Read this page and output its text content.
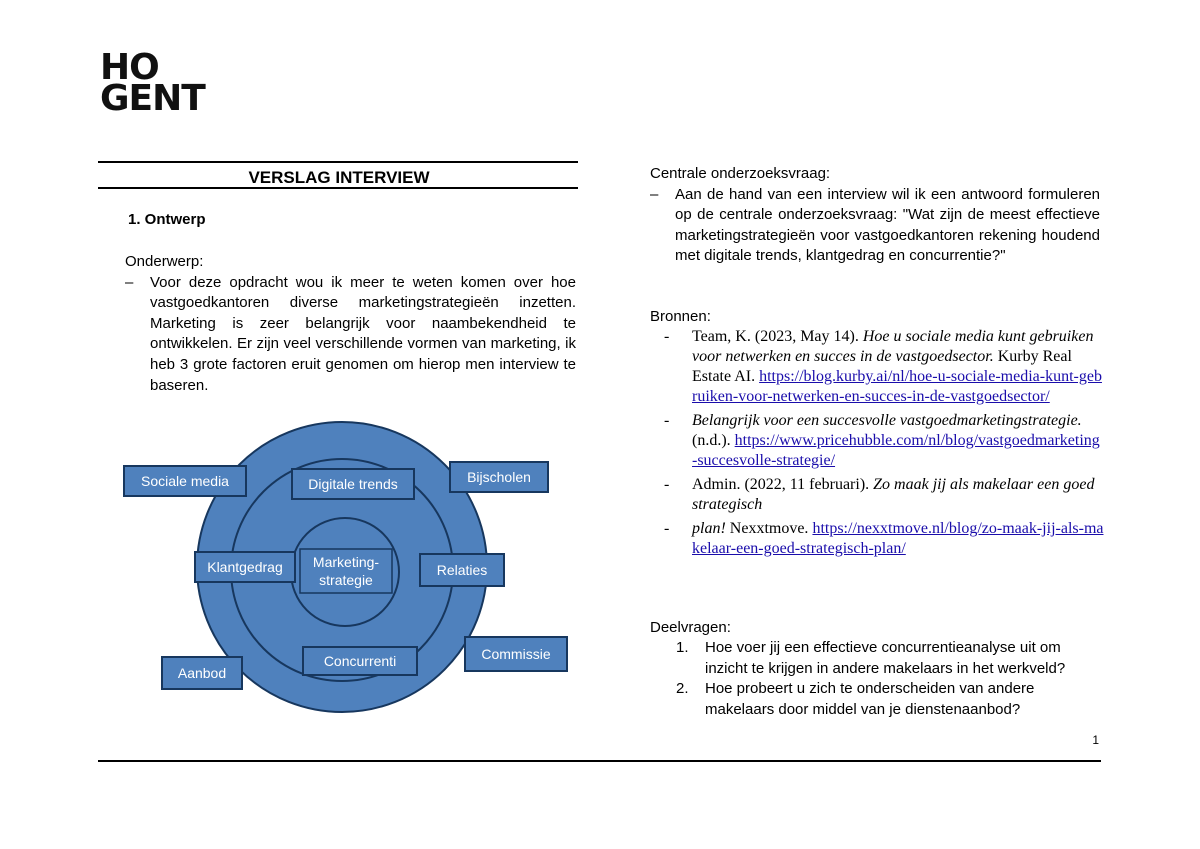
HO
GENT
VERSLAG INTERVIEW
1. Ontwerp
Onderwerp:
– Voor deze opdracht wou ik meer te weten komen over hoe vastgoedkantoren diverse marketingstrategieën inzetten. Marketing is zeer belangrijk voor naambekendheid te ontwikkelen. Er zijn veel verschillende vormen van marketing, ik heb 3 grote factoren eruit genomen om hierop men interview te baseren.
Marketing-
strategie
Sociale media	Digitale trends	Bijscholen
Klantgedrag	Relaties
Aanbod
Concurrenti	Commissie
Centrale onderzoeksvraag:
– Aan de hand van een interview wil ik een antwoord formuleren op de centrale onderzoeksvraag: "Wat zijn de meest effectieve marketingstrategieën voor vastgoedkantoren rekening houdend met digitale trends, klantgedrag en concurrentie?"
Bronnen:
- Team, K. (2023, May 14). Hoe u sociale media kunt gebruiken voor netwerken en succes in de vastgoedsector. Kurby Real Estate AI. https://blog.kurby.ai/nl/hoe-u-sociale-media-kunt-gebruiken-voor-netwerken-en-succes-in-de-vastgoedsector/
- Belangrijk voor een succesvolle vastgoedmarketingstrategie.
(n.d.). https://www.pricehubble.com/nl/blog/vastgoedmarketing-succesvolle-strategie/
- Admin. (2022, 11 februari). Zo maak jij als makelaar een goed strategisch
- plan! Nexxtmove. https://nexxtmove.nl/blog/zo-maak-jij-als-makelaar-een-goed-strategisch-plan/
Deelvragen:
1. Hoe voer jij een effectieve concurrentieanalyse uit om inzicht te krijgen in andere makelaars in het werkveld?
2. Hoe probeert u zich te onderscheiden van andere makelaars door middel van je dienstenaanbod?
1
